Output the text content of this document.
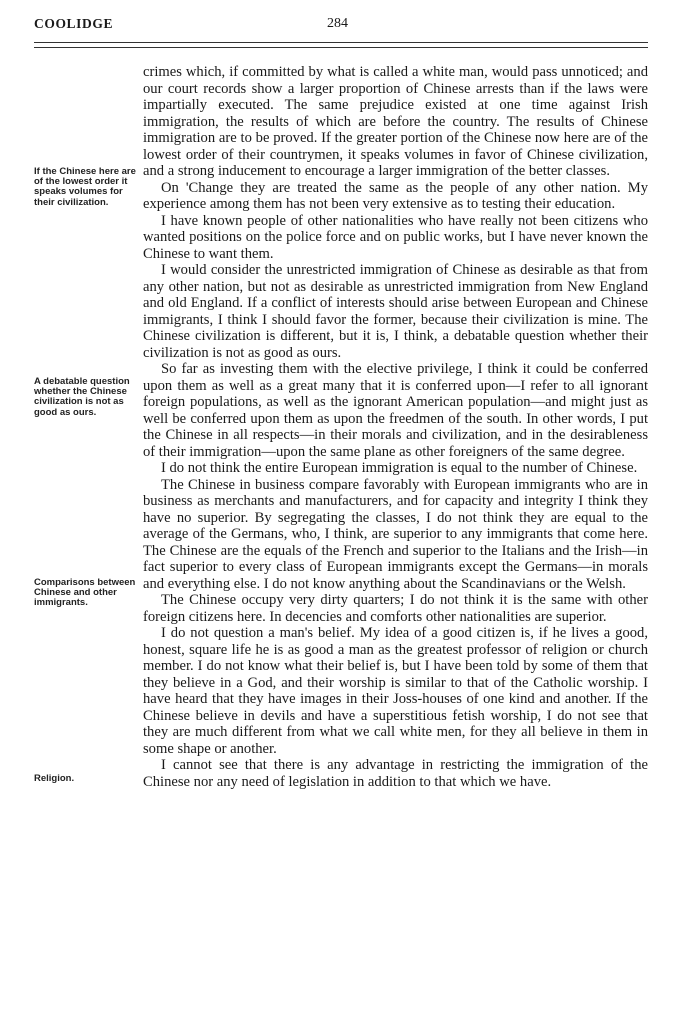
COOLIDGE	284
If the Chinese here are of the lowest order it speaks volumes for their civilization.
A debatable question whether the Chinese civilization is not as good as ours.
Comparisons between Chinese and other immigrants.
Religion.

crimes which, if committed by what is called a white man, would pass unnoticed; and our court records show a larger proportion of Chinese arrests than if the laws were impartially executed. The same prejudice existed at one time against Irish immigration, the results of which are before the country. The results of Chinese immigration are to be proved. If the greater portion of the Chinese now here are of the lowest order of their countrymen, it speaks volumes in favor of Chinese civilization, and a strong inducement to encourage a larger immigration of the better classes.

On 'Change they are treated the same as the people of any other nation. My experience among them has not been very extensive as to testing their education.

I have known people of other nationalities who have really not been citizens who wanted positions on the police force and on public works, but I have never known the Chinese to want them.

I would consider the unrestricted immigration of Chinese as desirable as that from any other nation, but not as desirable as unrestricted immigration from New England and old England. If a conflict of interests should arise between European and Chinese immigrants, I think I should favor the former, because their civilization is mine. The Chinese civilization is different, but it is, I think, a debatable question whether their civilization is not as good as ours.

So far as investing them with the elective privilege, I think it could be conferred upon them as well as a great many that it is conferred upon—I refer to all ignorant foreign populations, as well as the ignorant American population—and might just as well be conferred upon them as upon the freedmen of the south. In other words, I put the Chinese in all respects—in their morals and civilization, and in the desirableness of their immigration—upon the same plane as other foreigners of the same degree.

I do not think the entire European immigration is equal to the number of Chinese.

The Chinese in business compare favorably with European immigrants who are in business as merchants and manufacturers, and for capacity and integrity I think they have no superior. By segregating the classes, I do not think they are equal to the average of the Germans, who, I think, are superior to any immigrants that come here. The Chinese are the equals of the French and superior to the Italians and the Irish—in fact superior to every class of European immigrants except the Germans—in morals and everything else. I do not know anything about the Scandinavians or the Welsh.

The Chinese occupy very dirty quarters; I do not think it is the same with other foreign citizens here. In decencies and comforts other nationalities are superior.

I do not question a man's belief. My idea of a good citizen is, if he lives a good, honest, square life he is as good a man as the greatest professor of religion or church member. I do not know what their belief is, but I have been told by some of them that they believe in a God, and their worship is similar to that of the Catholic worship. I have heard that they have images in their Joss-houses of one kind and another. If the Chinese believe in devils and have a superstitious fetish worship, I do not see that they are much different from what we call white men, for they all believe in them in some shape or another.

I cannot see that there is any advantage in restricting the immigration of the Chinese nor any need of legislation in addition to that which we have.
